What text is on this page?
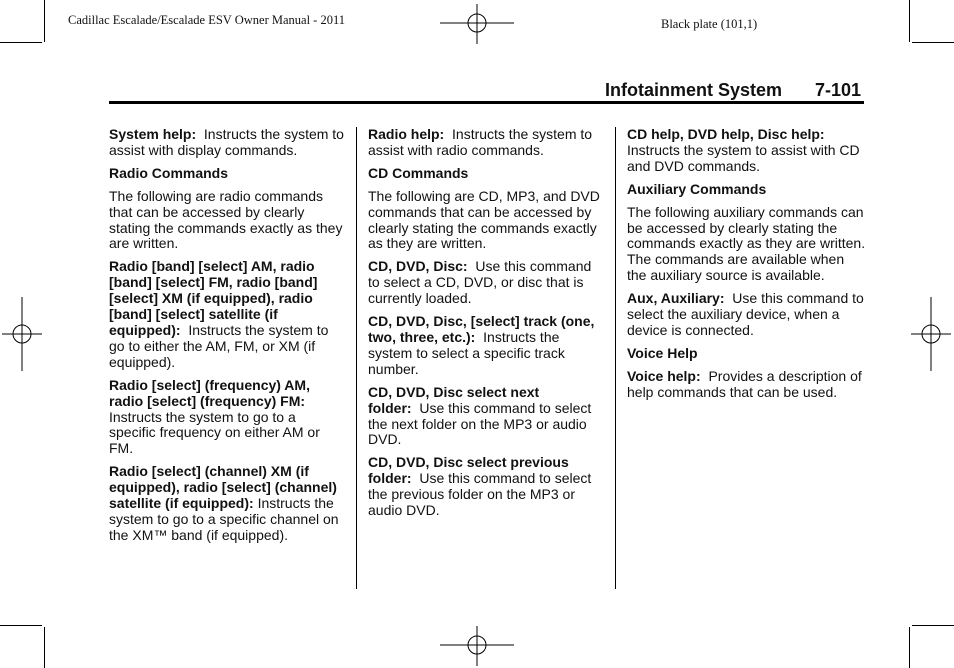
Cadillac Escalade/Escalade ESV Owner Manual - 2011	Black plate (101,1)
Infotainment System 7-101

System help: Instructs the system to assist with display commands.

Radio Commands

The following are radio commands that can be accessed by clearly stating the commands exactly as they are written.

Radio [band] [select] AM, radio [band] [select] FM, radio [band] [select] XM (if equipped), radio [band] [select] satellite (if equipped): Instructs the system to go to either the AM, FM, or XM (if equipped).

Radio [select] (frequency) AM, radio [select] (frequency) FM: Instructs the system to go to a specific frequency on either AM or FM.

Radio [select] (channel) XM (if equipped), radio [select] (channel) satellite (if equipped): Instructs the system to go to a specific channel on the XM™ band (if equipped).

Radio help: Instructs the system to assist with radio commands.

CD Commands

The following are CD, MP3, and DVD commands that can be accessed by clearly stating the commands exactly as they are written.

CD, DVD, Disc: Use this command to select a CD, DVD, or disc that is currently loaded.

CD, DVD, Disc, [select] track (one, two, three, etc.): Instructs the system to select a specific track number.

CD, DVD, Disc select next folder: Use this command to select the next folder on the MP3 or audio DVD.

CD, DVD, Disc select previous folder: Use this command to select the previous folder on the MP3 or audio DVD.

CD help, DVD help, Disc help:
Instructs the system to assist with CD and DVD commands.

Auxiliary Commands

The following auxiliary commands can be accessed by clearly stating the commands exactly as they are written. The commands are available when the auxiliary source is available.

Aux, Auxiliary: Use this command to select the auxiliary device, when a device is connected.

Voice Help

Voice help: Provides a description of help commands that can be used.
